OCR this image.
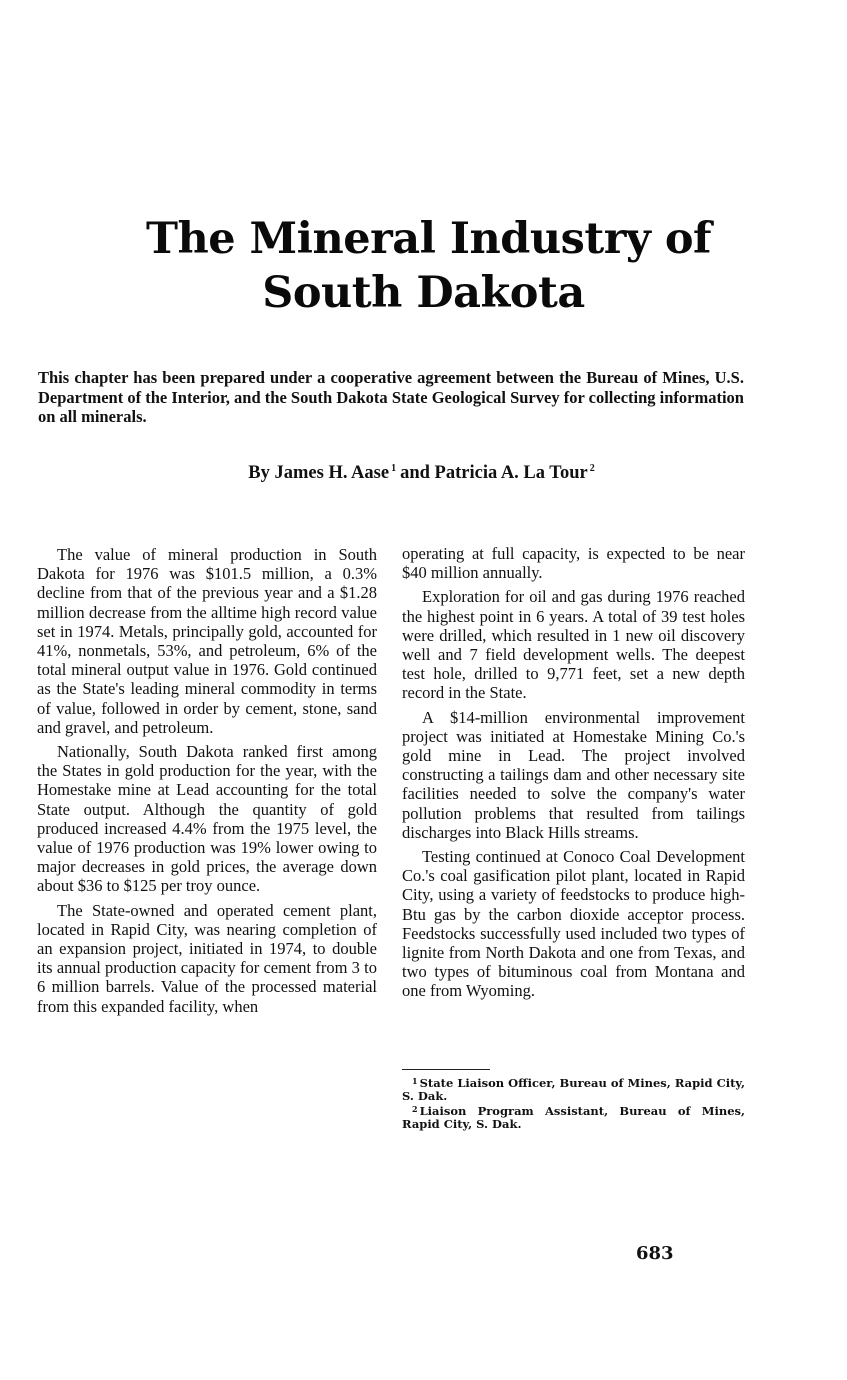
The Mineral Industry of
South Dakota

This chapter has been prepared under a cooperative agreement between the Bureau of Mines, U.S. Department of the Interior, and the South Dakota State Geological Survey for collecting information on all minerals.

By James H. Aase $^1$ and Patricia A. La Tour $^2$

The value of mineral production in South Dakota for 1976 was $101.5 million, a 0.3% decline from that of the previous year and a $1.28 million decrease from the alltime high record value set in 1974. Metals, principally gold, accounted for 41%, nonmetals, 53%, and petroleum, 6% of the total mineral output value in 1976. Gold continued as the State's leading mineral commodity in terms of value, followed in order by cement, stone, sand and gravel, and petroleum.

Nationally, South Dakota ranked first among the States in gold production for the year, with the Homestake mine at Lead accounting for the total State output. Although the quantity of gold produced increased 4.4% from the 1975 level, the value of 1976 production was 19% lower owing to major decreases in gold prices, the average down about $36 to $125 per troy ounce.

The State-owned and operated cement plant, located in Rapid City, was nearing completion of an expansion project, initiated in 1974, to double its annual production capacity for cement from 3 to 6 million barrels. Value of the processed material from this expanded facility, when

operating at full capacity, is expected to be near $40 million annually.

Exploration for oil and gas during 1976 reached the highest point in 6 years. A total of 39 test holes were drilled, which resulted in 1 new oil discovery well and 7 field development wells. The deepest test hole, drilled to 9,771 feet, set a new depth record in the State.

A $14-million environmental improvement project was initiated at Homestake Mining Co.'s gold mine in Lead. The project involved constructing a tailings dam and other necessary site facilities needed to solve the company's water pollution problems that resulted from tailings discharges into Black Hills streams.

Testing continued at Conoco Coal Development Co.'s coal gasification pilot plant, located in Rapid City, using a variety of feedstocks to produce high-Btu gas by the carbon dioxide acceptor process. Feedstocks successfully used included two types of lignite from North Dakota and one from Texas, and two types of bituminous coal from Montana and one from Wyoming.

$^1$ State Liaison Officer, Bureau of Mines, Rapid City, S. Dak.

$^2$ Liaison Program Assistant, Bureau of Mines, Rapid City, S. Dak.

683
